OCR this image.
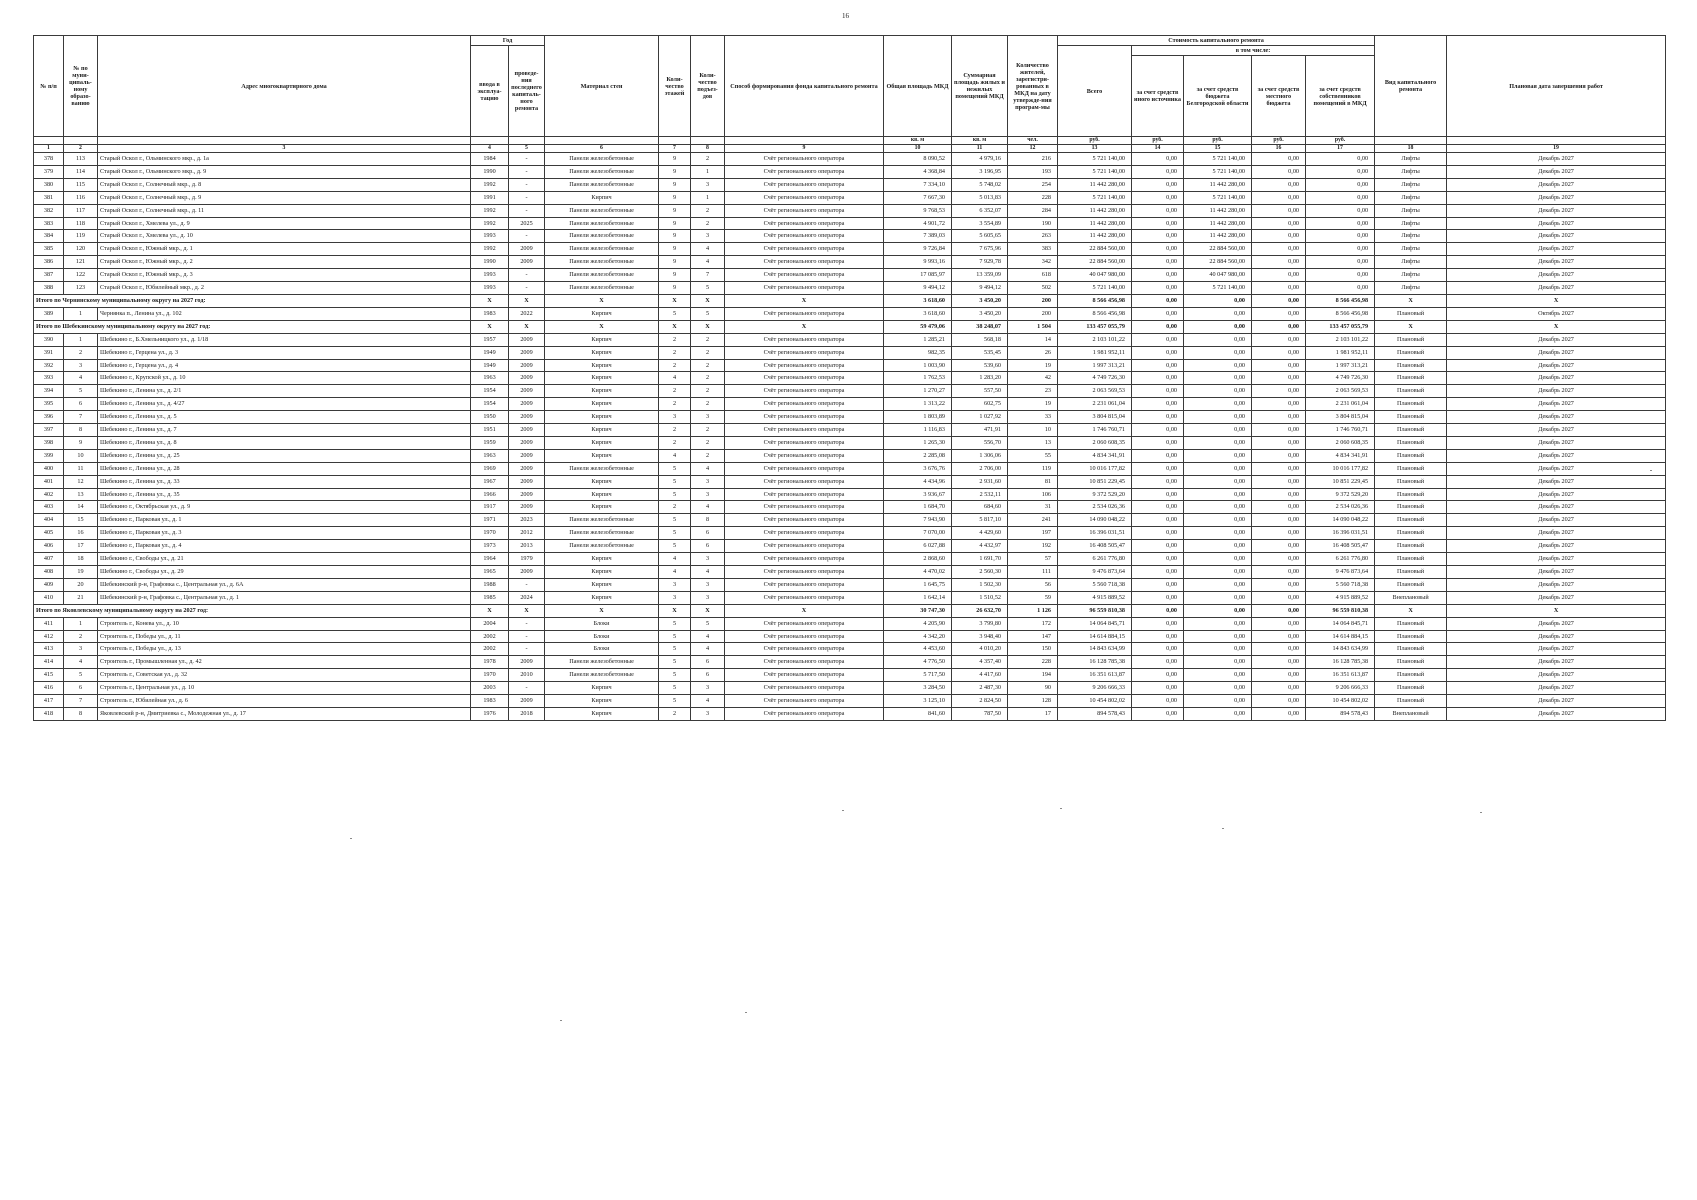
16
№ п/п	№ по муни-ципаль-ному образо-ванию	Адрес многоквартирного дома	Год		Материал стен	Коли-чество этажей	Коли-чество подъез-дов	Способ формирования фонда капитального ремонта	Общая площадь МКД	Суммарная площадь жилых и нежилых помещений МКД	Количество жителей, зарегистри-рованных в МКД на дату утвержде-ния програм-мы	Стоимость капитального ремонта					Вид капитального ремонта	Плановая дата завершения работ
			ввода в эксплуа-тацию	проведе-ния последнего капиталь-ного ремонта								Всего	в том числе:					
													за счет средств иного источника	за счет средств бюджета Белгородской области	за счет средств местного бюджета	за счет средств собственников помещений в МКД		
									кв. м	кв. м	чел.	руб.	руб.	руб.	руб.	руб.		
1	2	3	4	5	6	7	8	9	10	11	12	13	14	15	16	17	18	19
378	113	Старый Оскол г., Ольминского мкр., д. 1а	1984	-	Панели железобетонные	9	2	Счёт регионального оператора	8 090,52	4 979,16	216	5 721 140,00	0,00	5 721 140,00	0,00	0,00	Лифты	Декабрь 2027
379	114	Старый Оскол г., Ольминского мкр., д. 9	1990	-	Панели железобетонные	9	1	Счёт регионального оператора	4 368,84	3 196,95	193	5 721 140,00	0,00	5 721 140,00	0,00	0,00	Лифты	Декабрь 2027
380	115	Старый Оскол г., Солнечный мкр., д. 8	1992	-	Панели железобетонные	9	3	Счёт регионального оператора	7 334,10	5 748,02	254	11 442 280,00	0,00	11 442 280,00	0,00	0,00	Лифты	Декабрь 2027
381	116	Старый Оскол г., Солнечный мкр., д. 9	1991	-	Кирпич	9	1	Счёт регионального оператора	7 667,30	5 013,83	228	5 721 140,00	0,00	5 721 140,00	0,00	0,00	Лифты	Декабрь 2027
382	117	Старый Оскол г., Солнечный мкр., д. 11	1992	-	Панели железобетонные	9	2	Счёт регионального оператора	9 768,53	6 352,07	284	11 442 280,00	0,00	11 442 280,00	0,00	0,00	Лифты	Декабрь 2027
383	118	Старый Оскол г., Хмелева ул., д. 9	1992	2025	Панели железобетонные	9	2	Счёт регионального оператора	4 901,72	3 554,89	190	11 442 280,00	0,00	11 442 280,00	0,00	0,00	Лифты	Декабрь 2027
384	119	Старый Оскол г., Хмелева ул., д. 10	1993	-	Панели железобетонные	9	3	Счёт регионального оператора	7 389,03	5 605,65	263	11 442 280,00	0,00	11 442 280,00	0,00	0,00	Лифты	Декабрь 2027
385	120	Старый Оскол г., Южный мкр., д. 1	1992	2009	Панели железобетонные	9	4	Счёт регионального оператора	9 726,84	7 675,96	383	22 884 560,00	0,00	22 884 560,00	0,00	0,00	Лифты	Декабрь 2027
386	121	Старый Оскол г., Южный мкр., д. 2	1990	2009	Панели железобетонные	9	4	Счёт регионального оператора	9 993,16	7 929,78	342	22 884 560,00	0,00	22 884 560,00	0,00	0,00	Лифты	Декабрь 2027
387	122	Старый Оскол г., Южный мкр., д. 3	1993	-	Панели железобетонные	9	7	Счёт регионального оператора	17 085,97	13 359,09	618	40 047 980,00	0,00	40 047 980,00	0,00	0,00	Лифты	Декабрь 2027
388	123	Старый Оскол г., Юбилейный мкр., д. 2	1993	-	Панели железобетонные	9	5	Счёт регионального оператора	9 494,12	9 494,12	502	5 721 140,00	0,00	5 721 140,00	0,00	0,00	Лифты	Декабрь 2027
Итого по Чернянскому муниципальному округу на 2027 год:			X	X	X	X	X	X	3 618,60	3 450,20	200	8 566 456,98	0,00	0,00	0,00	8 566 456,98	X	X
389	1	Чернянка п., Ленина ул., д. 102	1983	2022	Кирпич	5	5	Счёт регионального оператора	3 618,60	3 450,20	200	8 566 456,98	0,00	0,00	0,00	8 566 456,98	Плановый	Октябрь 2027
Итого по Шебекинскому муниципальному округу на 2027 год:			X	X	X	X	X	X	59 479,06	38 248,07	1 504	133 457 055,79	0,00	0,00	0,00	133 457 055,79	X	X
390	1	Шебекино г., Б.Хмельницкого ул., д. 1/18	1957	2009	Кирпич	2	2	Счёт регионального оператора	1 285,21	568,18	14	2 103 101,22	0,00	0,00	0,00	2 103 101,22	Плановый	Декабрь 2027
391	2	Шебекино г., Герцена ул., д. 3	1949	2009	Кирпич	2	2	Счёт регионального оператора	982,35	535,45	26	1 981 952,11	0,00	0,00	0,00	1 981 952,11	Плановый	Декабрь 2027
392	3	Шебекино г., Герцена ул., д. 4	1949	2009	Кирпич	2	2	Счёт регионального оператора	1 003,90	539,60	19	1 997 313,21	0,00	0,00	0,00	1 997 313,21	Плановый	Декабрь 2027
393	4	Шебекино г., Крупской ул., д. 10	1963	2009	Кирпич	4	2	Счёт регионального оператора	1 762,53	1 283,20	42	4 749 726,30	0,00	0,00	0,00	4 749 726,30	Плановый	Декабрь 2027
394	5	Шебекино г., Ленина ул., д. 2/1	1954	2009	Кирпич	2	2	Счёт регионального оператора	1 270,27	557,50	23	2 063 569,53	0,00	0,00	0,00	2 063 569,53	Плановый	Декабрь 2027
395	6	Шебекино г., Ленина ул., д. 4/27	1954	2009	Кирпич	2	2	Счёт регионального оператора	1 313,22	602,75	19	2 231 061,04	0,00	0,00	0,00	2 231 061,04	Плановый	Декабрь 2027
396	7	Шебекино г., Ленина ул., д. 5	1950	2009	Кирпич	3	3	Счёт регионального оператора	1 803,89	1 027,92	33	3 804 815,04	0,00	0,00	0,00	3 804 815,04	Плановый	Декабрь 2027
397	8	Шебекино г., Ленина ул., д. 7	1951	2009	Кирпич	2	2	Счёт регионального оператора	1 116,83	471,91	10	1 746 760,71	0,00	0,00	0,00	1 746 760,71	Плановый	Декабрь 2027
398	9	Шебекино г., Ленина ул., д. 8	1959	2009	Кирпич	2	2	Счёт регионального оператора	1 265,30	556,70	13	2 060 608,35	0,00	0,00	0,00	2 060 608,35	Плановый	Декабрь 2027
399	10	Шебекино г., Ленина ул., д. 25	1963	2009	Кирпич	4	2	Счёт регионального оператора	2 285,08	1 306,06	55	4 834 341,91	0,00	0,00	0,00	4 834 341,91	Плановый	Декабрь 2027
400	11	Шебекино г., Ленина ул., д. 28	1969	2009	Панели железобетонные	5	4	Счёт регионального оператора	3 676,76	2 706,00	119	10 016 177,82	0,00	0,00	0,00	10 016 177,82	Плановый	Декабрь 2027
401	12	Шебекино г., Ленина ул., д. 33	1967	2009	Кирпич	5	3	Счёт регионального оператора	4 434,96	2 931,60	81	10 851 229,45	0,00	0,00	0,00	10 851 229,45	Плановый	Декабрь 2027
402	13	Шебекино г., Ленина ул., д. 35	1966	2009	Кирпич	5	3	Счёт регионального оператора	3 936,67	2 532,11	106	9 372 529,20	0,00	0,00	0,00	9 372 529,20	Плановый	Декабрь 2027
403	14	Шебекино г., Октябрьская ул., д. 9	1917	2009	Кирпич	2	4	Счёт регионального оператора	1 684,70	684,60	31	2 534 026,36	0,00	0,00	0,00	2 534 026,36	Плановый	Декабрь 2027
404	15	Шебекино г., Парковая ул., д. 1	1971	2023	Панели железобетонные	5	8	Счёт регионального оператора	7 943,90	5 817,10	241	14 090 048,22	0,00	0,00	0,00	14 090 048,22	Плановый	Декабрь 2027
405	16	Шебекино г., Парковая ул., д. 3	1970	2012	Панели железобетонные	5	6	Счёт регионального оператора	7 070,00	4 429,60	197	16 396 031,51	0,00	0,00	0,00	16 396 031,51	Плановый	Декабрь 2027
406	17	Шебекино г., Парковая ул., д. 4	1973	2013	Панели железобетонные	5	6	Счёт регионального оператора	6 027,88	4 432,97	192	16 408 505,47	0,00	0,00	0,00	16 408 505,47	Плановый	Декабрь 2027
407	18	Шебекино г., Свободы ул., д. 21	1964	1979	Кирпич	4	3	Счёт регионального оператора	2 868,60	1 691,70	57	6 261 776,80	0,00	0,00	0,00	6 261 776,80	Плановый	Декабрь 2027
408	19	Шебекино г., Свободы ул., д. 29	1965	2009	Кирпич	4	4	Счёт регионального оператора	4 470,02	2 560,30	111	9 476 873,64	0,00	0,00	0,00	9 476 873,64	Плановый	Декабрь 2027
409	20	Шебекинский р-н, Графовка с., Центральная ул., д. 6А	1988	-	Кирпич	3	3	Счёт регионального оператора	1 645,75	1 502,30	56	5 560 718,38	0,00	0,00	0,00	5 560 718,38	Плановый	Декабрь 2027
410	21	Шебекинский р-н, Графовка с., Центральная ул., д. 1	1985	2024	Кирпич	3	3	Счёт регионального оператора	1 642,14	1 510,52	59	4 915 889,52	0,00	0,00	0,00	4 915 889,52	Внеплановый	Декабрь 2027
Итого по Яковлевскому муниципальному округу на 2027 год:			X	X	X	X	X	X	30 747,30	26 632,70	1 126	96 559 810,38	0,00	0,00	0,00	96 559 810,38	X	X
411	1	Строитель г., Конева ул., д. 10	2004	-	Блоки	5	5	Счёт регионального оператора	4 205,90	3 799,80	172	14 064 845,71	0,00	0,00	0,00	14 064 845,71	Плановый	Декабрь 2027
412	2	Строитель г., Победы ул., д. 11	2002	-	Блоки	5	4	Счёт регионального оператора	4 342,20	3 948,40	147	14 614 884,15	0,00	0,00	0,00	14 614 884,15	Плановый	Декабрь 2027
413	3	Строитель г., Победы ул., д. 13	2002	-	Блоки	5	4	Счёт регионального оператора	4 453,60	4 010,20	150	14 843 634,99	0,00	0,00	0,00	14 843 634,99	Плановый	Декабрь 2027
414	4	Строитель г., Промышленная ул., д. 42	1978	2009	Панели железобетонные	5	6	Счёт регионального оператора	4 776,50	4 357,40	228	16 128 785,38	0,00	0,00	0,00	16 128 785,38	Плановый	Декабрь 2027
415	5	Строитель г., Советская ул., д. 32	1970	2010	Панели железобетонные	5	6	Счёт регионального оператора	5 717,50	4 417,60	194	16 351 613,87	0,00	0,00	0,00	16 351 613,87	Плановый	Декабрь 2027
416	6	Строитель г., Центральная ул., д. 10	2003	-	Кирпич	5	3	Счёт регионального оператора	3 284,50	2 487,30	90	9 206 666,33	0,00	0,00	0,00	9 206 666,33	Плановый	Декабрь 2027
417	7	Строитель г., Юбилейная ул., д. 6	1983	2009	Кирпич	5	4	Счёт регионального оператора	3 125,10	2 824,50	128	10 454 802,02	0,00	0,00	0,00	10 454 802,02	Плановый	Декабрь 2027
418	8	Яковлевский р-н, Дмитриевка с., Молодежная ул., д. 17	1976	2018	Кирпич	2	3	Счёт регионального оператора	841,60	787,50	17	894 578,43	0,00	0,00	0,00	894 578,43	Внеплановый	Декабрь 2027
